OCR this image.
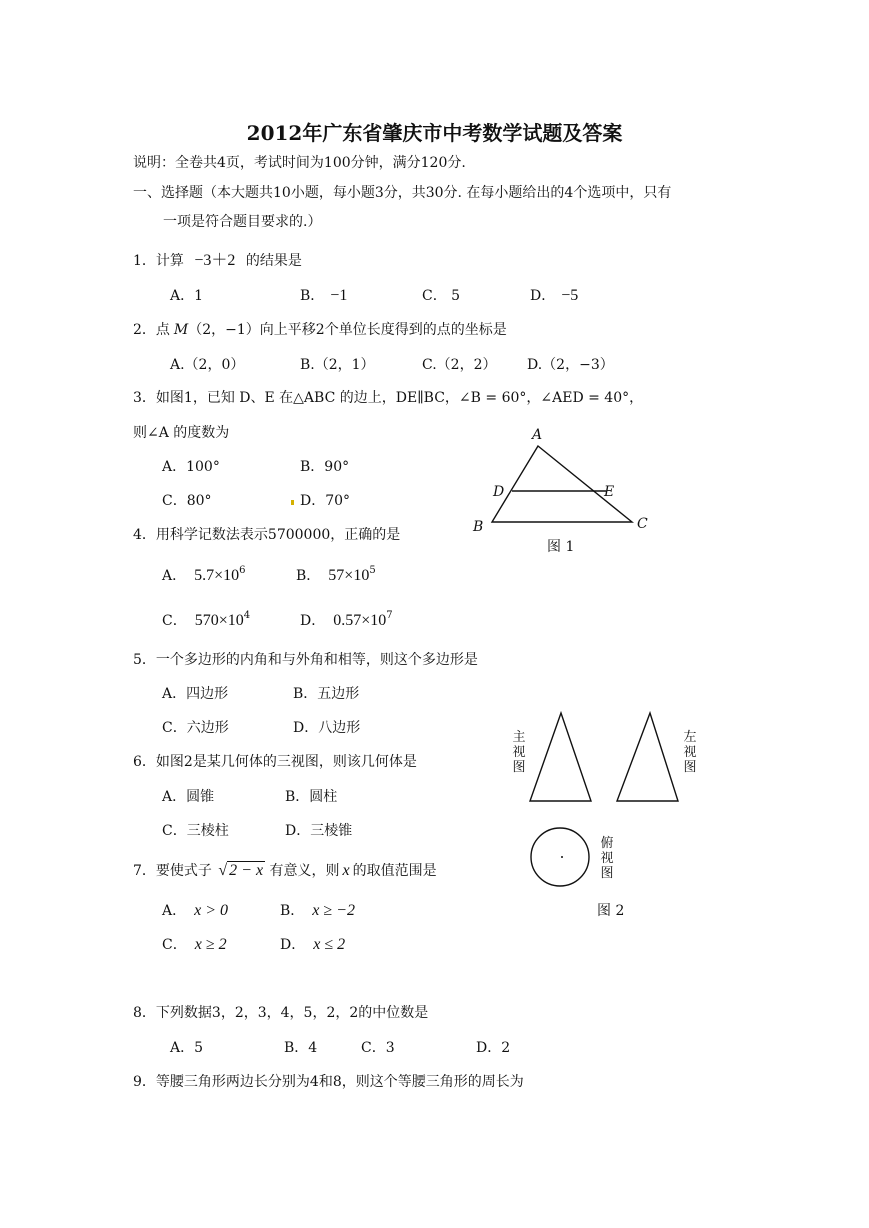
2012年广东省肇庆市中考数学试题及答案
说明：全卷共4页，考试时间为100分钟，满分120分.
一、选择题（本大题共10小题，每小题3分，共30分. 在每小题给出的4个选项中，只有
一项是符合题目要求的.）
1．计算 −3＋2 的结果是
A．1	B． −1	C． 5	D． −5
2．点 M（2，−1）向上平移2个单位长度得到的点的坐标是
A.（2，0）	B.（2，1）	C.（2，2） D.（2，−3）
3．如图1，已知 D、E 在△ABC 的边上，DE∥BC，∠B = 60°，∠AED = 40°，
则∠A 的度数为
A．100°	B．90°
C．80°	D．70°
A
D	E
B	C
图 1
4．用科学记数法表示5700000，正确的是
A． $5.7\times 10^6$	B． $57\times 10^5$
C． $570\times 10^4$	D． $0.57\times 10^7$
5．一个多边形的内角和与外角和相等，则这个多边形是
A．四边形	B．五边形
C．六边形	D．八边形
6．如图2是某几何体的三视图，则该几何体是
A．圆锥	B．圆柱
C．三棱柱	D．三棱锥
主
视
图
左
视
图
俯
视
图
图 2
7．要使式子 √ 2 − x 有意义，则 x 的取值范围是
A． x > 0	B． x ≥ −2
C． x ≥ 2	D． x ≤ 2
8．下列数据3，2，3，4，5，2，2的中位数是
A．5	B．4	C．3	D．2
9．等腰三角形两边长分别为4和8，则这个等腰三角形的周长为
